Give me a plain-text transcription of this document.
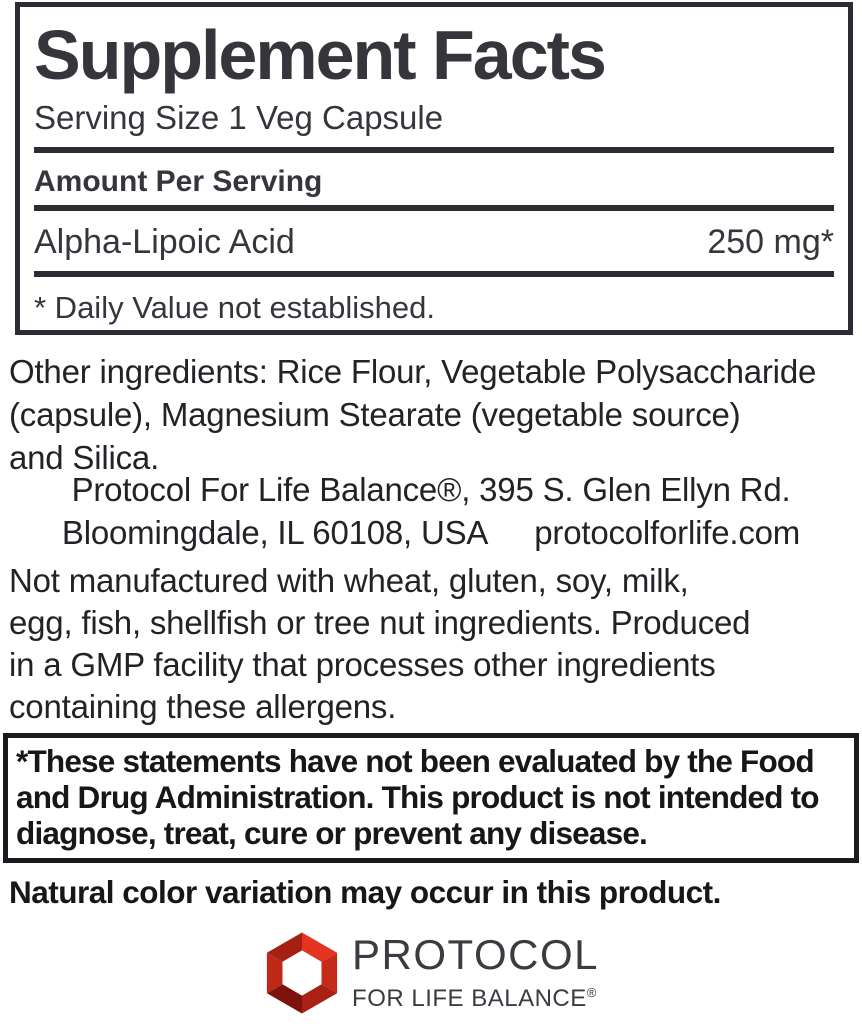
Supplement Facts
Serving Size 1 Veg Capsule
Amount Per Serving
Alpha-Lipoic Acid	250 mg*
* Daily Value not established.
Other ingredients: Rice Flour, Vegetable Polysaccharide
(capsule), Magnesium Stearate (vegetable source)
and Silica.
Protocol For Life Balance®, 395 S. Glen Ellyn Rd.
Bloomingdale, IL 60108, USA protocolforlife.com
Not manufactured with wheat, gluten, soy, milk,
egg, fish, shellfish or tree nut ingredients. Produced
in a GMP facility that processes other ingredients
containing these allergens.
*These statements have not been evaluated by the Food
and Drug Administration. This product is not intended to
diagnose, treat, cure or prevent any disease.
Natural color variation may occur in this product.
PROTOCOL
FOR LIFE BALANCE®
